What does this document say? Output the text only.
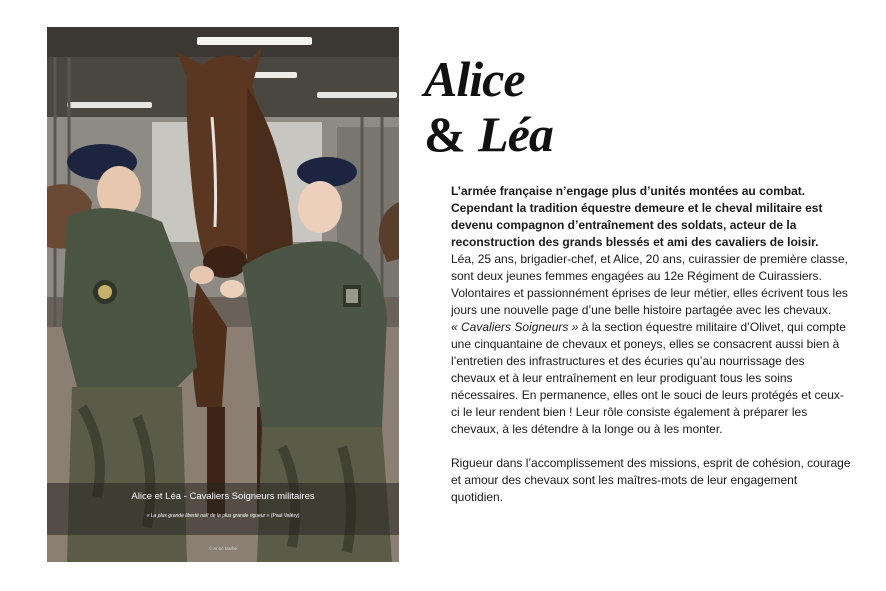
Alice et Léa - Cavaliers Soigneurs militaires
« La plus grande liberté naît de la plus grande rigueur » (Paul Valéry)
© Anne Barbé
Alice
& Léa

L’armée française n’engage plus d’unités montées au combat. Cependant la tradition équestre demeure et le cheval militaire est devenu compagnon d’entraînement des soldats, acteur de la reconstruction des grands blessés et ami des cavaliers de loisir.

Léa, 25 ans, brigadier-chef, et Alice, 20 ans, cuirassier de première classe, sont deux jeunes femmes engagées au 12e Régiment de Cuirassiers. Volontaires et passionnément éprises de leur métier, elles écrivent tous les jours une nouvelle page d’une belle histoire partagée avec les chevaux.

« Cavaliers Soigneurs » à la section équestre militaire d’Olivet, qui compte une cinquantaine de chevaux et poneys, elles se consacrent aussi bien à l’entretien des infrastructures et des écuries qu’au nourrissage des chevaux et à leur entraînement en leur prodiguant tous les soins nécessaires. En permanence, elles ont le souci de leurs protégés et ceux-ci le leur rendent bien ! Leur rôle consiste également à préparer les chevaux, à les détendre à la longe ou à les monter.

Rigueur dans l’accomplissement des missions, esprit de cohésion, courage et amour des chevaux sont les maîtres-mots de leur engagement quotidien.
